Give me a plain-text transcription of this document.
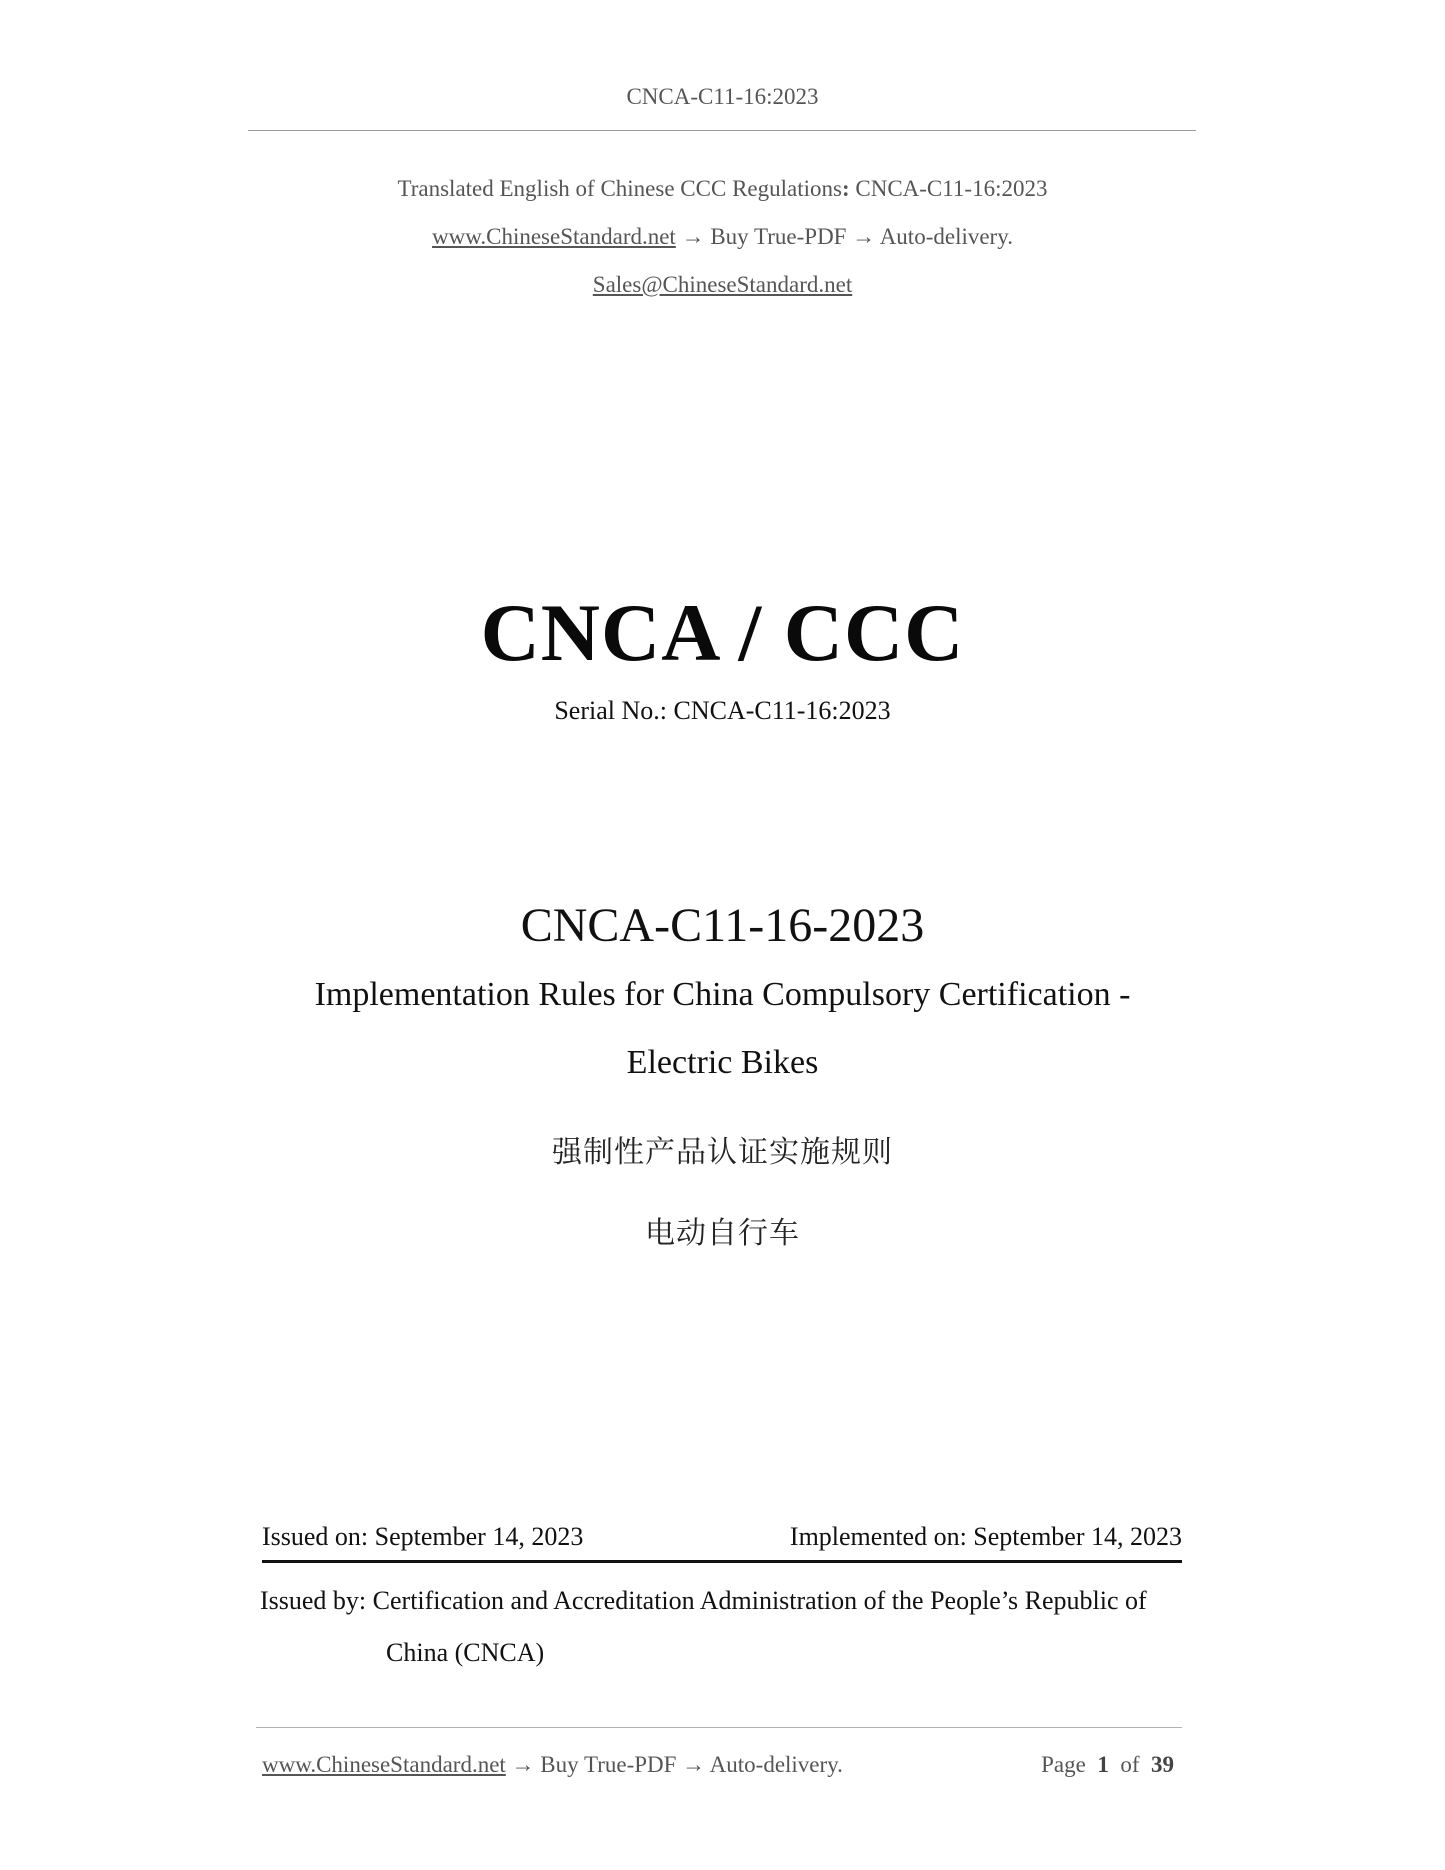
CNCA-C11-16:2023
Translated English of Chinese CCC Regulations: CNCA-C11-16:2023
www.ChineseStandard.net → Buy True-PDF → Auto-delivery.
Sales@ChineseStandard.net
CNCA / CCC
Serial No.: CNCA-C11-16:2023
CNCA-C11-16-2023
Implementation Rules for China Compulsory Certification -
Electric Bikes
强制性产品认证实施规则
电动自行车
Issued on: September 14, 2023	Implemented on: September 14, 2023
Issued by: Certification and Accreditation Administration of the People’s Republic of
China (CNCA)
www.ChineseStandard.net → Buy True-PDF → Auto-delivery.	Page 1 of 39
